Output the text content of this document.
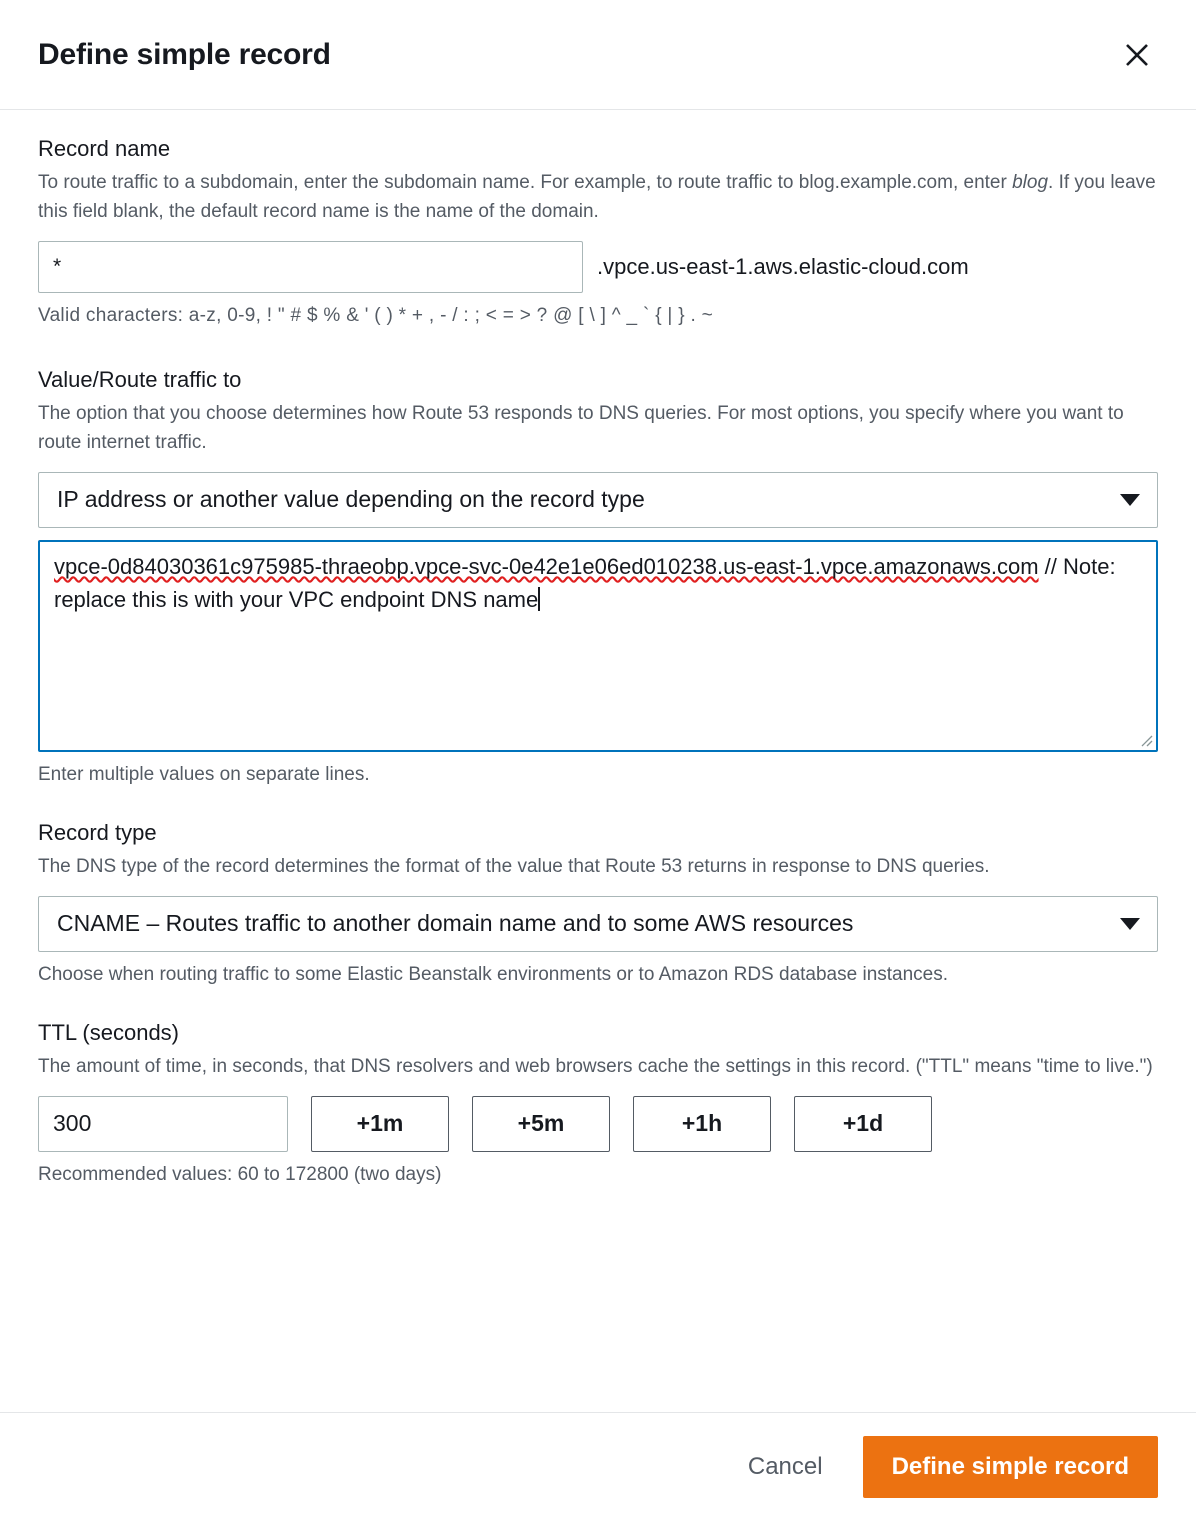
Define simple record
Record name
To route traffic to a subdomain, enter the subdomain name. For example, to route traffic to blog.example.com, enter blog. If you leave this field blank, the default record name is the name of the domain.
*
.vpce.us-east-1.aws.elastic-cloud.com
Valid characters: a-z, 0-9, ! " # $ % & ' ( ) * + , - / : ; < = > ? @ [ \ ] ^ _ ` { | } . ~
Value/Route traffic to
The option that you choose determines how Route 53 responds to DNS queries. For most options, you specify where you want to route internet traffic.
IP address or another value depending on the record type
vpce-0d84030361c975985-thraeobp.vpce-svc-0e42e1e06ed010238.us-east-1.vpce.amazonaws.com // Note: replace this is with your VPC endpoint DNS name
Enter multiple values on separate lines.
Record type
The DNS type of the record determines the format of the value that Route 53 returns in response to DNS queries.
CNAME – Routes traffic to another domain name and to some AWS resources
Choose when routing traffic to some Elastic Beanstalk environments or to Amazon RDS database instances.
TTL (seconds)
The amount of time, in seconds, that DNS resolvers and web browsers cache the settings in this record. ("TTL" means "time to live.")
300
+1m	+5m	+1h	+1d
Recommended values: 60 to 172800 (two days)
Cancel	Define simple record
